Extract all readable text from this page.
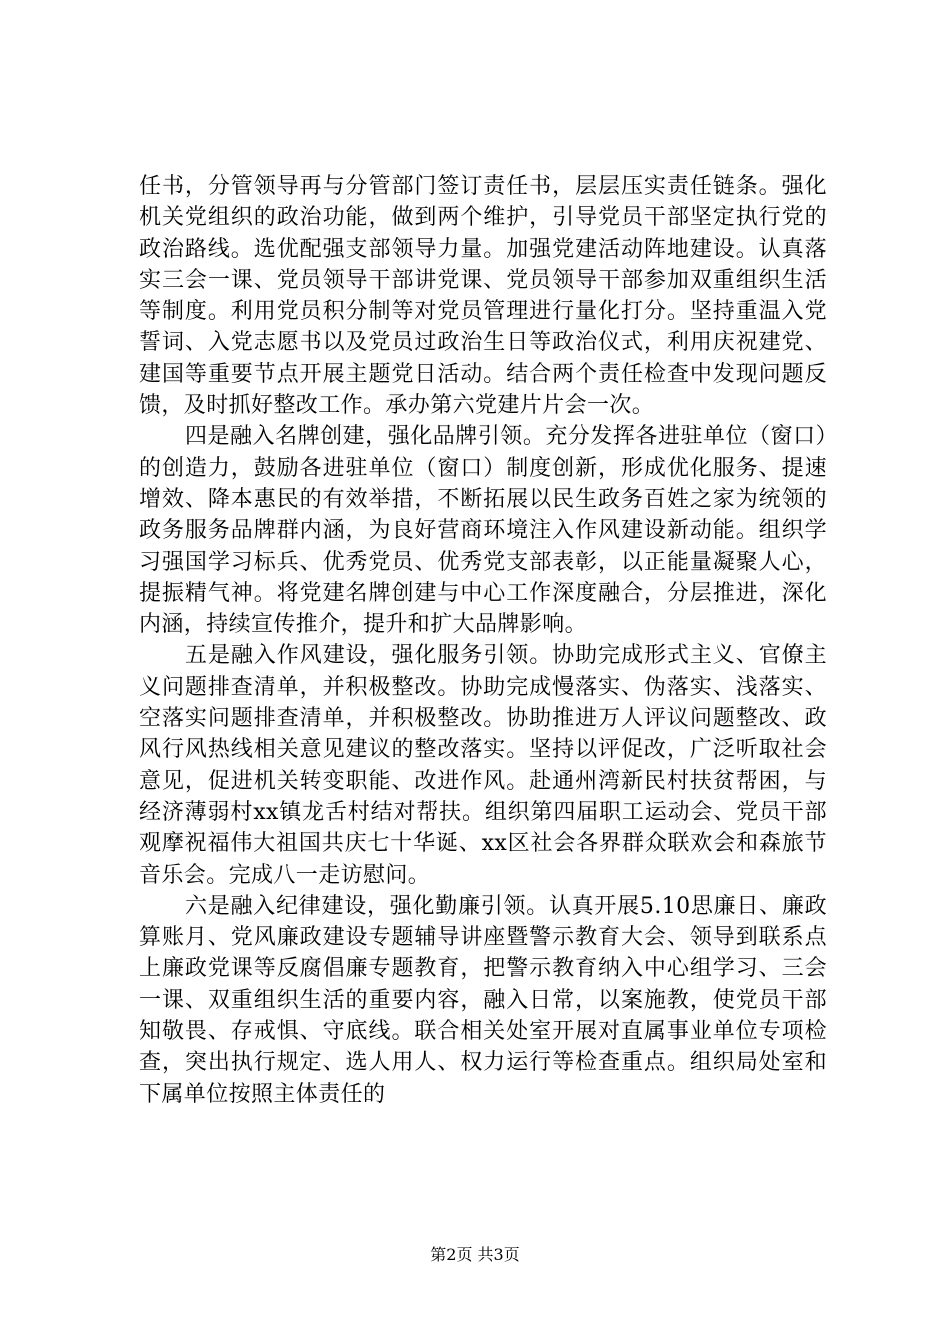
任书，分管领导再与分管部门签订责任书，层层压实责任链条。强化机关党组织的政治功能，做到两个维护，引导党员干部坚定执行党的政治路线。选优配强支部领导力量。加强党建活动阵地建设。认真落实三会一课、党员领导干部讲党课、党员领导干部参加双重组织生活等制度。利用党员积分制等对党员管理进行量化打分。坚持重温入党誓词、入党志愿书以及党员过政治生日等政治仪式，利用庆祝建党、建国等重要节点开展主题党日活动。结合两个责任检查中发现问题反馈，及时抓好整改工作。承办第六党建片片会一次。

四是融入名牌创建，强化品牌引领。充分发挥各进驻单位（窗口）的创造力，鼓励各进驻单位（窗口）制度创新，形成优化服务、提速增效、降本惠民的有效举措，不断拓展以民生政务百姓之家为统领的政务服务品牌群内涵，为良好营商环境注入作风建设新动能。组织学习强国学习标兵、优秀党员、优秀党支部表彰，以正能量凝聚人心，提振精气神。将党建名牌创建与中心工作深度融合，分层推进，深化内涵，持续宣传推介，提升和扩大品牌影响。

五是融入作风建设，强化服务引领。协助完成形式主义、官僚主义问题排查清单，并积极整改。协助完成慢落实、伪落实、浅落实、空落实问题排查清单，并积极整改。协助推进万人评议问题整改、政风行风热线相关意见建议的整改落实。坚持以评促改，广泛听取社会意见，促进机关转变职能、改进作风。赴通州湾新民村扶贫帮困，与经济薄弱村xx镇龙舌村结对帮扶。组织第四届职工运动会、党员干部观摩祝福伟大祖国共庆七十华诞、xx区社会各界群众联欢会和森旅节音乐会。完成八一走访慰问。

六是融入纪律建设，强化勤廉引领。认真开展5.10思廉日、廉政算账月、党风廉政建设专题辅导讲座暨警示教育大会、领导到联系点上廉政党课等反腐倡廉专题教育，把警示教育纳入中心组学习、三会一课、双重组织生活的重要内容，融入日常，以案施教，使党员干部知敬畏、存戒惧、守底线。联合相关处室开展对直属事业单位专项检查，突出执行规定、选人用人、权力运行等检查重点。组织局处室和下属单位按照主体责任的

第2页 共3页
